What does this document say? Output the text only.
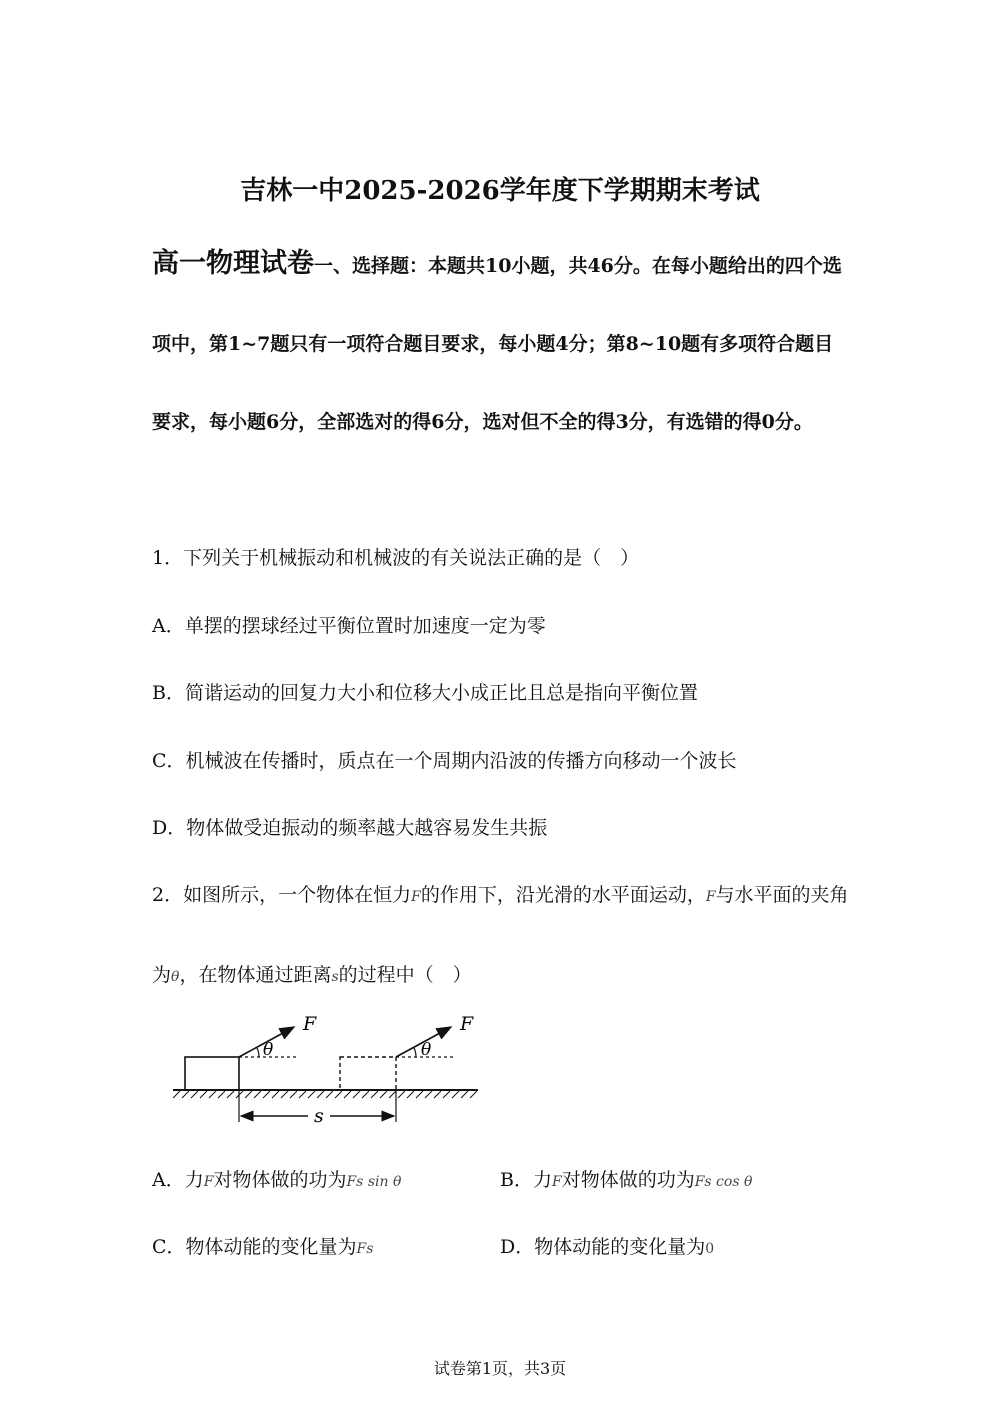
吉林一中2025-2026学年度下学期期末考试
高一物理试卷一、选择题：本题共10小题，共46分。在每小题给出的四个选项中，第1~7题只有一项符合题目要求，每小题4分；第8~10题有多项符合题目要求，每小题6分，全部选对的得6分，选对但不全的得3分，有选错的得0分。
1．下列关于机械振动和机械波的有关说法正确的是（　）
A．单摆的摆球经过平衡位置时加速度一定为零
B．简谐运动的回复力大小和位移大小成正比且总是指向平衡位置
C．机械波在传播时，质点在一个周期内沿波的传播方向移动一个波长
D．物体做受迫振动的频率越大越容易发生共振
2．如图所示，一个物体在恒力F的作用下，沿光滑的水平面运动，F与水平面的夹角为θ，在物体通过距离s的过程中（　）
θ
F
θ
F
s
A．力F对物体做的功为Fs sin θ	B．力F对物体做的功为Fs cos θ
C．物体动能的变化量为Fs	D．物体动能的变化量为0
试卷第1页，共3页
